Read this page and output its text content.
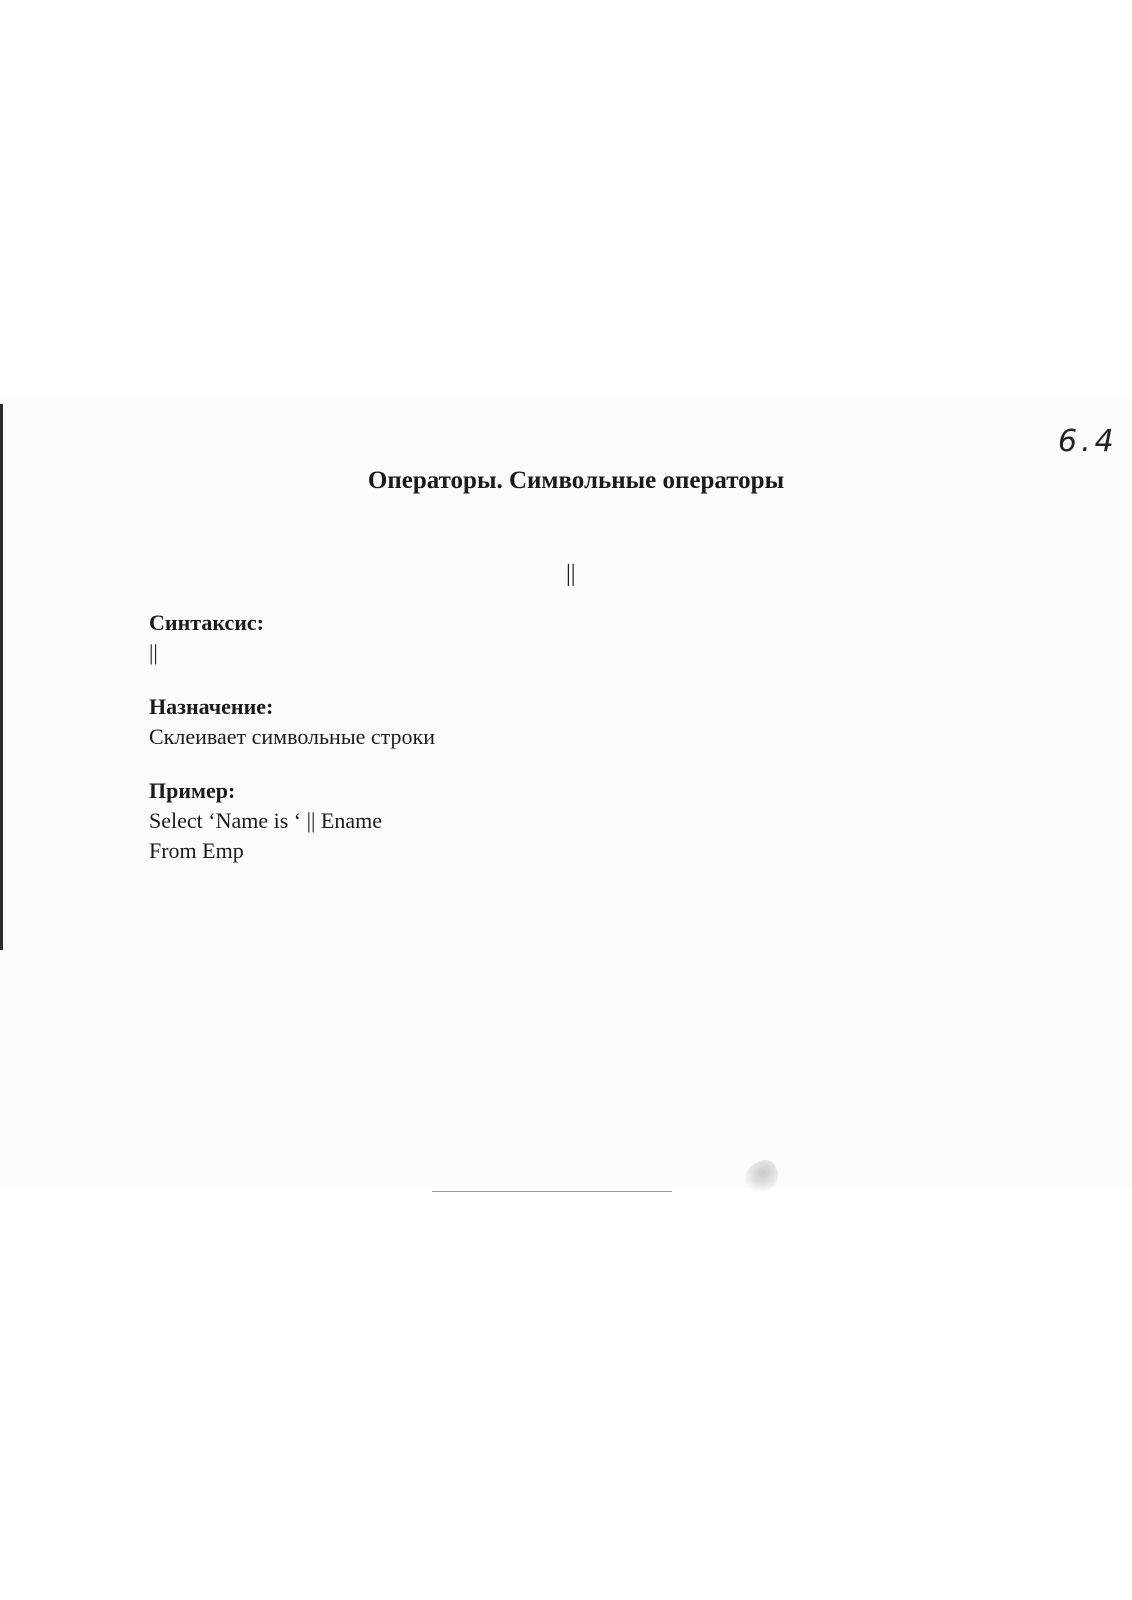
6.4
Операторы. Символьные операторы
||

Синтаксис:

||

Назначение:

Склеивает символьные строки

Пример:

Select ‘Name is ‘ || Ename

From Emp
